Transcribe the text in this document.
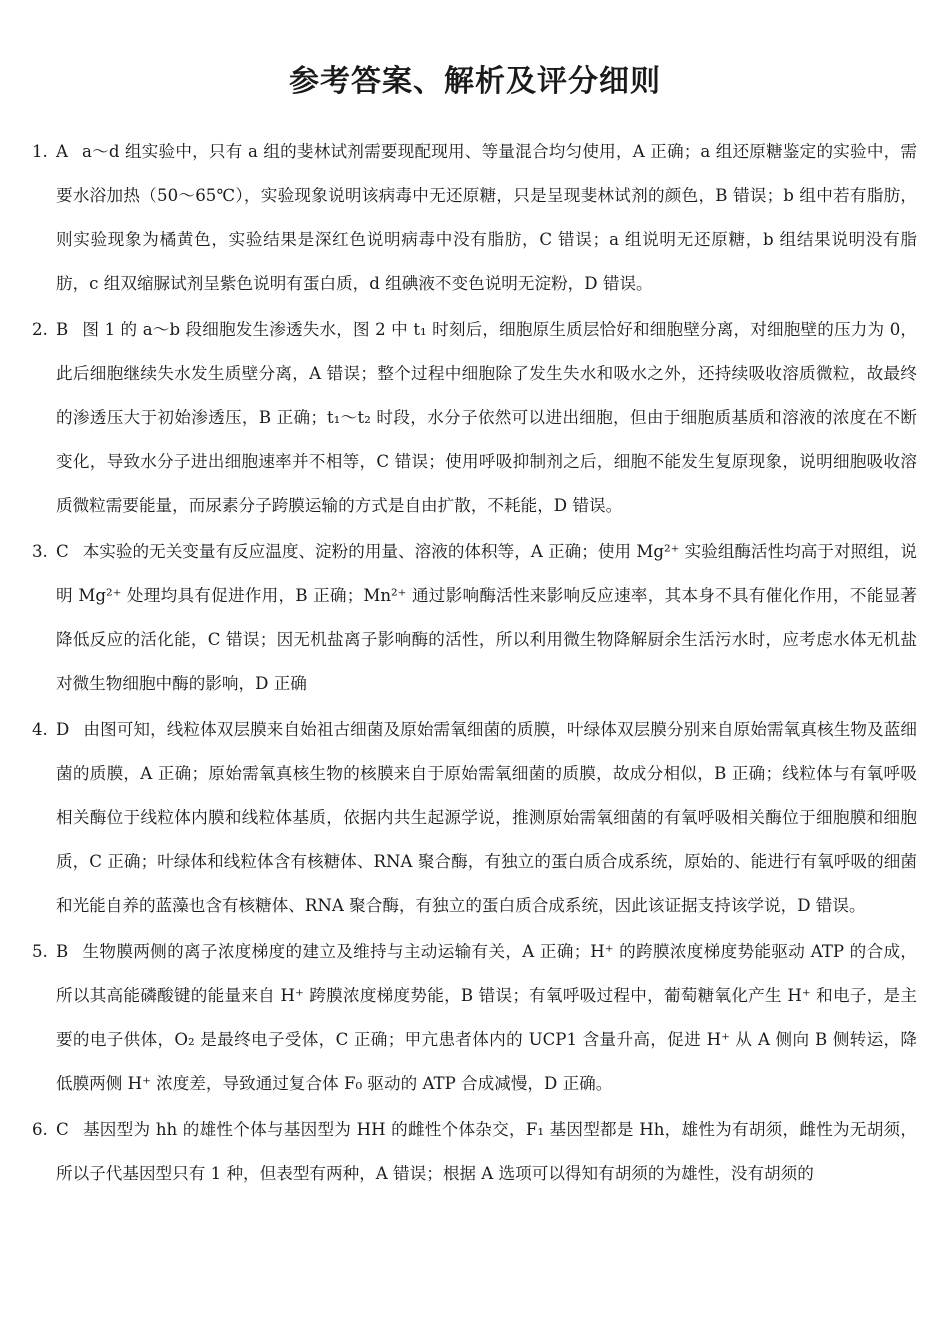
参考答案、解析及评分细则
1. A a～d 组实验中，只有 a 组的斐林试剂需要现配现用、等量混合均匀使用，A 正确；a 组还原糖鉴定的实验中，需要水浴加热（50～65℃），实验现象说明该病毒中无还原糖，只是呈现斐林试剂的颜色，B 错误；b 组中若有脂肪，则实验现象为橘黄色，实验结果是深红色说明病毒中没有脂肪，C 错误；a 组说明无还原糖，b 组结果说明没有脂肪，c 组双缩脲试剂呈紫色说明有蛋白质，d 组碘液不变色说明无淀粉，D 错误。
2. B 图 1 的 a～b 段细胞发生渗透失水，图 2 中 t₁ 时刻后，细胞原生质层恰好和细胞壁分离，对细胞壁的压力为 0，此后细胞继续失水发生质壁分离，A 错误；整个过程中细胞除了发生失水和吸水之外，还持续吸收溶质微粒，故最终的渗透压大于初始渗透压，B 正确；t₁～t₂ 时段，水分子依然可以进出细胞，但由于细胞质基质和溶液的浓度在不断变化，导致水分子进出细胞速率并不相等，C 错误；使用呼吸抑制剂之后，细胞不能发生复原现象，说明细胞吸收溶质微粒需要能量，而尿素分子跨膜运输的方式是自由扩散，不耗能，D 错误。
3. C 本实验的无关变量有反应温度、淀粉的用量、溶液的体积等，A 正确；使用 Mg²⁺ 实验组酶活性均高于对照组，说明 Mg²⁺ 处理均具有促进作用，B 正确；Mn²⁺ 通过影响酶活性来影响反应速率，其本身不具有催化作用，不能显著降低反应的活化能，C 错误；因无机盐离子影响酶的活性，所以利用微生物降解厨余生活污水时，应考虑水体无机盐对微生物细胞中酶的影响，D 正确
4. D 由图可知，线粒体双层膜来自始祖古细菌及原始需氧细菌的质膜，叶绿体双层膜分别来自原始需氧真核生物及蓝细菌的质膜，A 正确；原始需氧真核生物的核膜来自于原始需氧细菌的质膜，故成分相似，B 正确；线粒体与有氧呼吸相关酶位于线粒体内膜和线粒体基质，依据内共生起源学说，推测原始需氧细菌的有氧呼吸相关酶位于细胞膜和细胞质，C 正确；叶绿体和线粒体含有核糖体、RNA 聚合酶，有独立的蛋白质合成系统，原始的、能进行有氧呼吸的细菌和光能自养的蓝藻也含有核糖体、RNA 聚合酶，有独立的蛋白质合成系统，因此该证据支持该学说，D 错误。
5. B 生物膜两侧的离子浓度梯度的建立及维持与主动运输有关，A 正确；H⁺ 的跨膜浓度梯度势能驱动 ATP 的合成，所以其高能磷酸键的能量来自 H⁺ 跨膜浓度梯度势能，B 错误；有氧呼吸过程中，葡萄糖氧化产生 H⁺ 和电子，是主要的电子供体，O₂ 是最终电子受体，C 正确；甲亢患者体内的 UCP1 含量升高，促进 H⁺ 从 A 侧向 B 侧转运，降低膜两侧 H⁺ 浓度差，导致通过复合体 F₀ 驱动的 ATP 合成减慢，D 正确。
6. C 基因型为 hh 的雄性个体与基因型为 HH 的雌性个体杂交，F₁ 基因型都是 Hh，雄性为有胡须，雌性为无胡须，所以子代基因型只有 1 种，但表型有两种，A 错误；根据 A 选项可以得知有胡须的为雄性，没有胡须的
